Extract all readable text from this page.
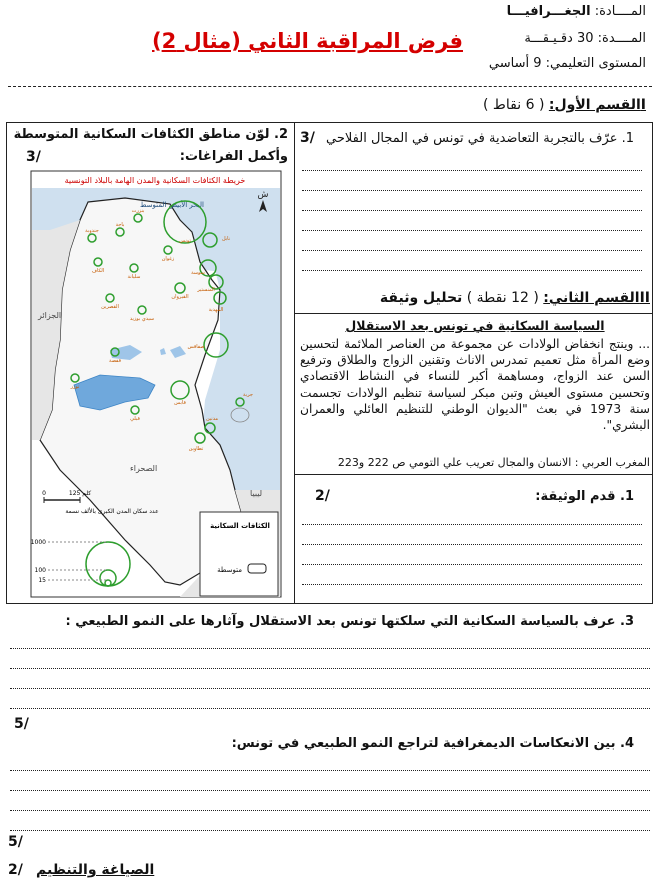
المــــادة: الجغـــرافيـــا
المــــدة: 30 دقـيـقـــة
المستوى التعليمي: 9 أساسي
فرض المراقبة الثاني (مثال 2)
Iالقسم الأول: ( 6 نقاط )
1. عرّف بالتجربة التعاضدية في تونس في المجال الفلاحي
3/
IIالقسم الثاني: ( 12 نقطة ) تحليل وثيقة
السياسة السكانية في تونس بعد الاستقلال
... وينتج انخفاض الولادات عن مجموعة من العناصر الملائمة لتحسين وضع المرأة مثل تعميم تمدرس الاناث وتقنين الزواج والطلاق وترفيع السن عند الزواج، ومساهمة أكبر للنساء في النشاط الاقتصادي وتحسين مستوى العيش وتبن مبكر لسياسة تنظيم الولادات تجسمت سنة 1973 في بعث "الديوان الوطني للتنظيم العائلي والعمران البشري".
المغرب العربي : الانسان والمجال تعريب علي التومي ص 222 و223
1. قدم الوثيقة:
2/
2. لوّن مناطق الكثافات السكانية المتوسطة
وأكمل الفراغات:
3/
خريطة الكثافات السكانية والمدن الهامة بالبلاد التونسية
البحر الأبيض المتوسط
ش
الجزائر
ليبيا
الصحراء
بنزرت
تونس	نابل
باجة
جندوبة
زغوان
الكاف
سليانة
سوسة
المنستير
القيروان
المهدية
القصرين
سيدي بوزيد
صفاقس
قفصة
توزر
قبلي
قابس
مدنين
تطاوين
جربة
125 كلم
0
عدد سكان المدن الكبرى بالألف نسمة
1000
100
15
الكثافات السكانية
متوسطة
3. عرف بالسياسة السكانية التي سلكتها تونس بعد الاستقلال وآثارها على النمو الطبيعي :
5/
4. بين الانعكاسات الديمغرافية لتراجع النمو الطبيعي في تونس:
5/
2/ الصياغة والتنظيم
